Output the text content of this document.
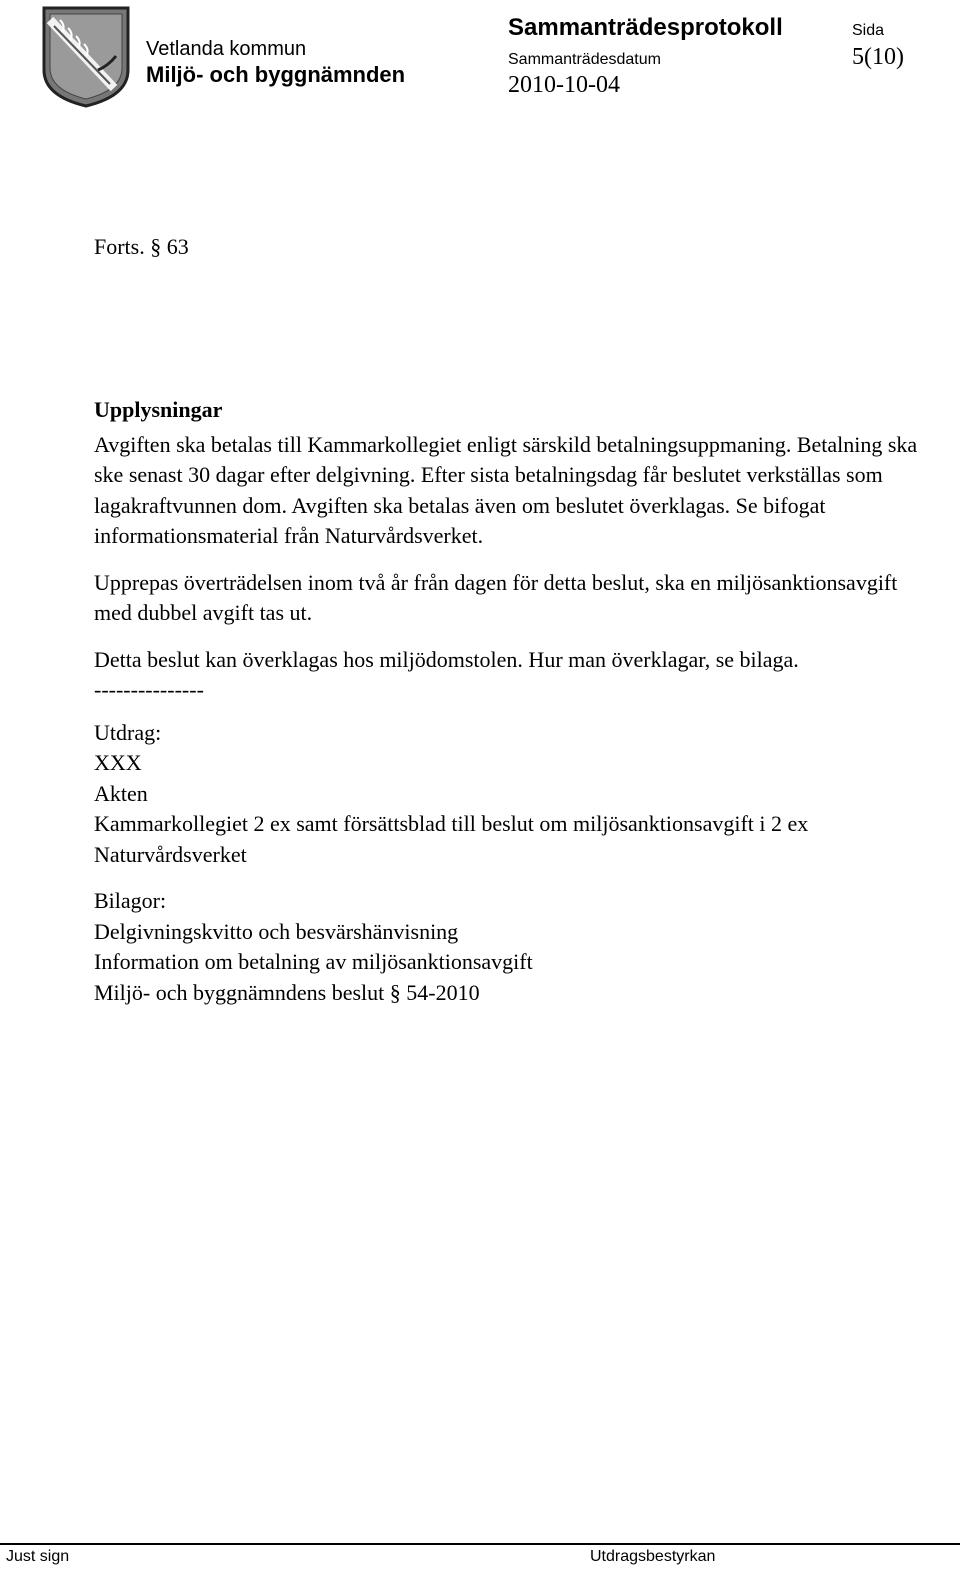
Vetlanda kommun
Miljö- och byggnämnden
Sammanträdesprotokoll
Sammanträdesdatum
2010-10-04
Sida
5(10)
Forts. § 63
Upplysningar

Avgiften ska betalas till Kammarkollegiet enligt särskild betalningsuppmaning. Betalning ska ske senast 30 dagar efter delgivning. Efter sista betalningsdag får beslutet verkställas som lagakraftvunnen dom. Avgiften ska betalas även om beslutet överklagas. Se bifogat informationsmaterial från Naturvårdsverket.

Upprepas överträdelsen inom två år från dagen för detta beslut, ska en miljösanktionsavgift med dubbel avgift tas ut.

Detta beslut kan överklagas hos miljödomstolen. Hur man överklagar, se bilaga.

---------------
Utdrag:
XXX
Akten
Kammarkollegiet 2 ex samt försättsblad till beslut om miljösanktionsavgift i 2 ex
Naturvårdsverket
Bilagor:
Delgivningskvitto och besvärshänvisning
Information om betalning av miljösanktionsavgift
Miljö- och byggnämndens beslut § 54-2010
Just sign	Utdragsbestyrkan
